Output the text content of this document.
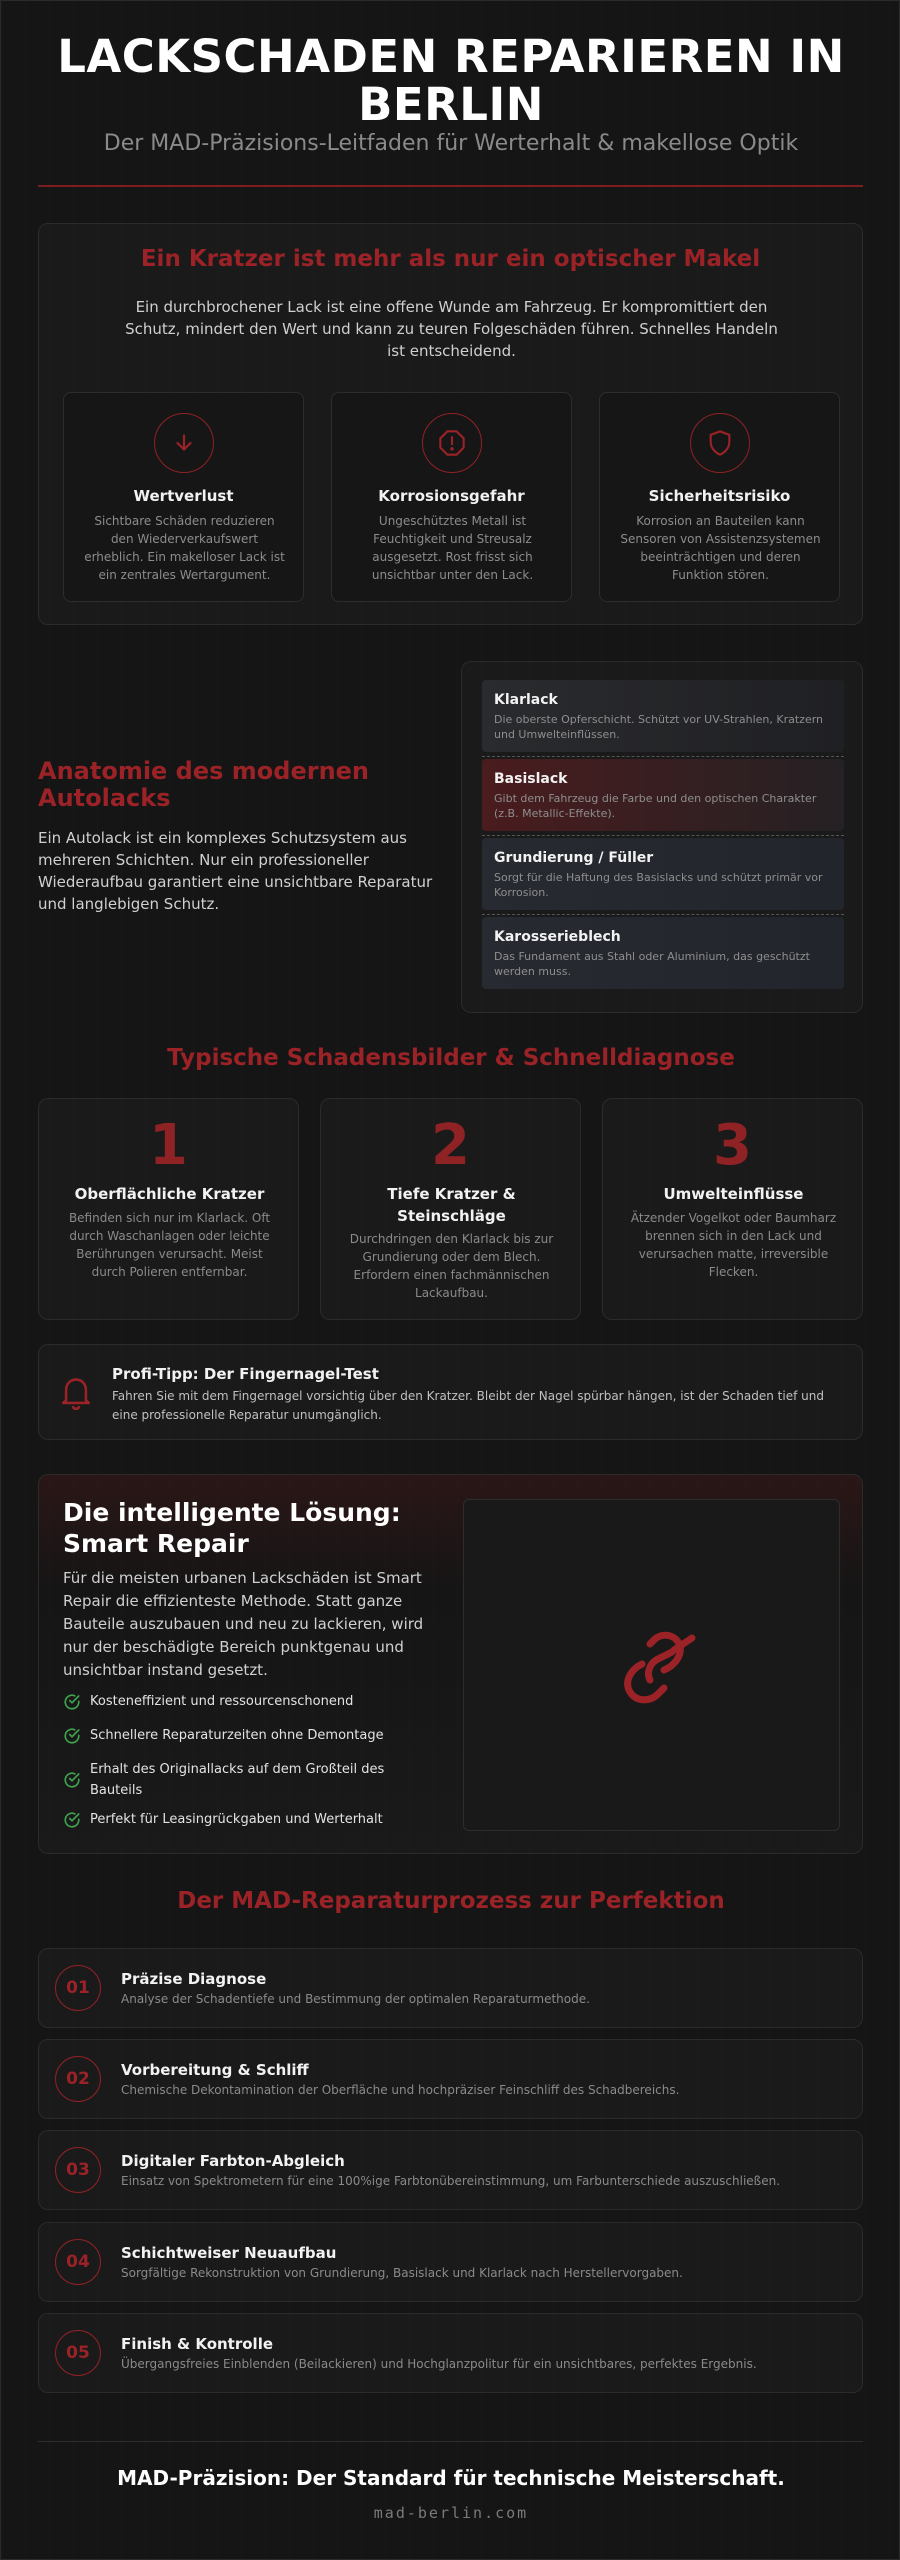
LACKSCHADEN REPARIEREN IN BERLIN
Der MAD-Präzisions-Leitfaden für Werterhalt & makellose Optik
Ein Kratzer ist mehr als nur ein optischer Makel

Ein durchbrochener Lack ist eine offene Wunde am Fahrzeug. Er kompromittiert den Schutz, mindert den Wert und kann zu teuren Folgeschäden führen. Schnelles Handeln ist entscheidend.

Wertverlust
Sichtbare Schäden reduzieren den Wiederverkaufswert erheblich. Ein makelloser Lack ist ein zentrales Wertargument.
Korrosionsgefahr
Ungeschütztes Metall ist Feuchtigkeit und Streusalz ausgesetzt. Rost frisst sich unsichtbar unter den Lack.
Sicherheitsrisiko
Korrosion an Bauteilen kann Sensoren von Assistenzsystemen beeinträchtigen und deren Funktion stören.
Anatomie des modernen Autolacks

Ein Autolack ist ein komplexes Schutzsystem aus mehreren Schichten. Nur ein professioneller Wiederaufbau garantiert eine unsichtbare Reparatur und langlebigen Schutz.

Klarlack
Die oberste Opferschicht. Schützt vor UV-Strahlen, Kratzern und Umwelteinflüssen.
Basislack
Gibt dem Fahrzeug die Farbe und den optischen Charakter (z.B. Metallic-Effekte).
Grundierung / Füller
Sorgt für die Haftung des Basislacks und schützt primär vor Korrosion.
Karosserieblech
Das Fundament aus Stahl oder Aluminium, das geschützt werden muss.
Typische Schadensbilder & Schnelldiagnose
1
Oberflächliche Kratzer
Befinden sich nur im Klarlack. Oft durch Waschanlagen oder leichte Berührungen verursacht. Meist durch Polieren entfernbar.
2
Tiefe Kratzer & Steinschläge
Durchdringen den Klarlack bis zur Grundierung oder dem Blech. Erfordern einen fachmännischen Lackaufbau.
3
Umwelteinflüsse
Ätzender Vogelkot oder Baumharz brennen sich in den Lack und verursachen matte, irreversible Flecken.
Profi-Tipp: Der Fingernagel-Test
Fahren Sie mit dem Fingernagel vorsichtig über den Kratzer. Bleibt der Nagel spürbar hängen, ist der Schaden tief und eine professionelle Reparatur unumgänglich.
Die intelligente Lösung: Smart Repair

Für die meisten urbanen Lackschäden ist Smart Repair die effizienteste Methode. Statt ganze Bauteile auszubauen und neu zu lackieren, wird nur der beschädigte Bereich punktgenau und unsichtbar instand gesetzt.

Kosteneffizient und ressourcenschonend
Schnellere Reparaturzeiten ohne Demontage
Erhalt des Originallacks auf dem Großteil des Bauteils
Perfekt für Leasingrückgaben und Werterhalt
Der MAD-Reparaturprozess zur Perfektion
01	Präzise Diagnose
Analyse der Schadentiefe und Bestimmung der optimalen Reparaturmethode.
02	Vorbereitung & Schliff
Chemische Dekontamination der Oberfläche und hochpräziser Feinschliff des Schadbereichs.
03	Digitaler Farbton-Abgleich
Einsatz von Spektrometern für eine 100%ige Farbtonübereinstimmung, um Farbunterschiede auszuschließen.
04	Schichtweiser Neuaufbau
Sorgfältige Rekonstruktion von Grundierung, Basislack und Klarlack nach Herstellervorgaben.
05	Finish & Kontrolle
Übergangsfreies Einblenden (Beilackieren) und Hochglanzpolitur für ein unsichtbares, perfektes Ergebnis.
MAD-Präzision: Der Standard für technische Meisterschaft.
mad-berlin.com
